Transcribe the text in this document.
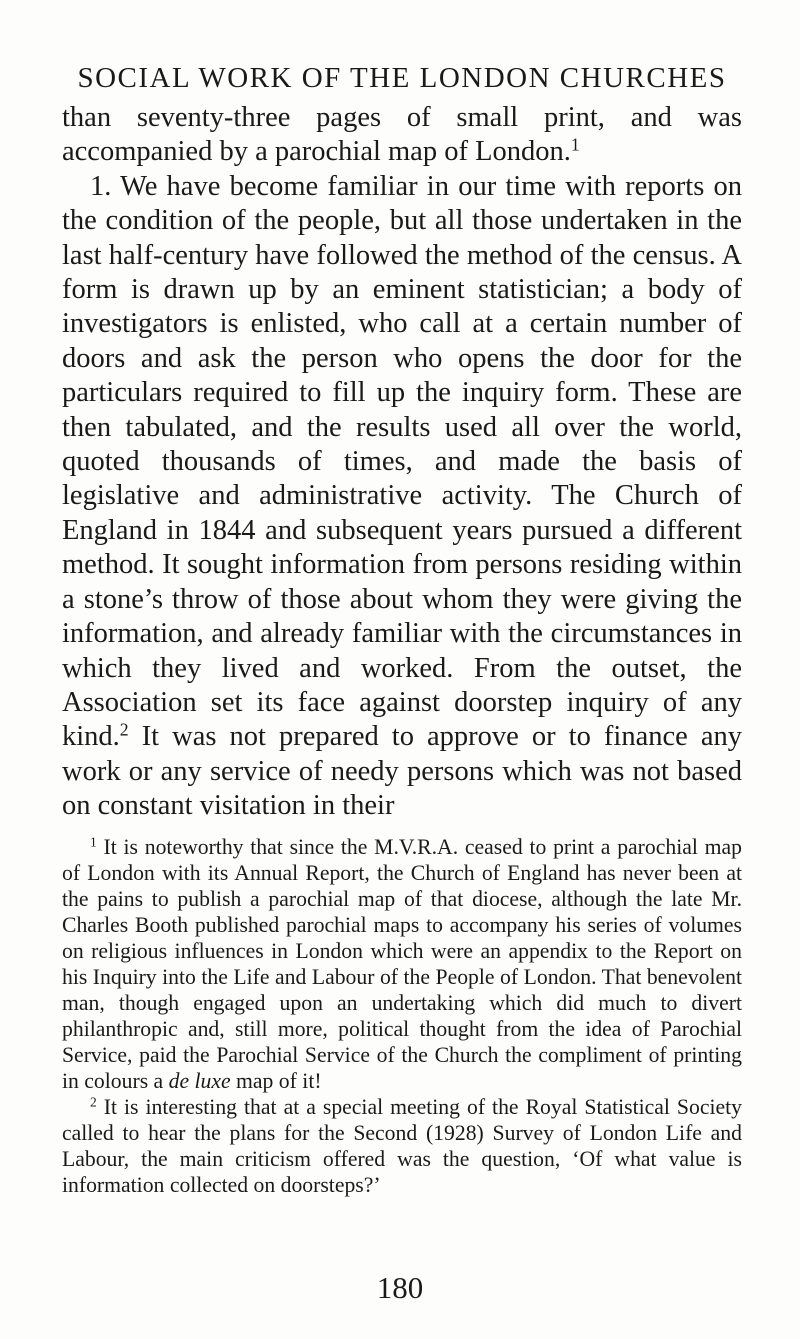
SOCIAL WORK OF THE LONDON CHURCHES

than seventy-three pages of small print, and was accompanied by a parochial map of London.$^1$

1. We have become familiar in our time with reports on the condition of the people, but all those undertaken in the last half-century have followed the method of the census. A form is drawn up by an eminent statistician; a body of investigators is enlisted, who call at a certain number of doors and ask the person who opens the door for the particulars required to fill up the inquiry form. These are then tabulated, and the results used all over the world, quoted thousands of times, and made the basis of legislative and administrative activity. The Church of England in 1844 and subsequent years pursued a different method. It sought information from persons residing within a stone’s throw of those about whom they were giving the information, and already familiar with the circumstances in which they lived and worked. From the outset, the Association set its face against doorstep inquiry of any kind.$^2$ It was not prepared to approve or to finance any work or any service of needy persons which was not based on constant visitation in their

$^1$ It is noteworthy that since the M.V.R.A. ceased to print a parochial map of London with its Annual Report, the Church of England has never been at the pains to publish a parochial map of that diocese, although the late Mr. Charles Booth published parochial maps to accompany his series of volumes on religious influences in London which were an appendix to the Report on his Inquiry into the Life and Labour of the People of London. That benevolent man, though engaged upon an undertaking which did much to divert philanthropic and, still more, political thought from the idea of Parochial Service, paid the Parochial Service of the Church the compliment of printing in colours a de luxe map of it!

$^2$ It is interesting that at a special meeting of the Royal Statistical Society called to hear the plans for the Second (1928) Survey of London Life and Labour, the main criticism offered was the question, ‘Of what value is information collected on doorsteps?’

180
